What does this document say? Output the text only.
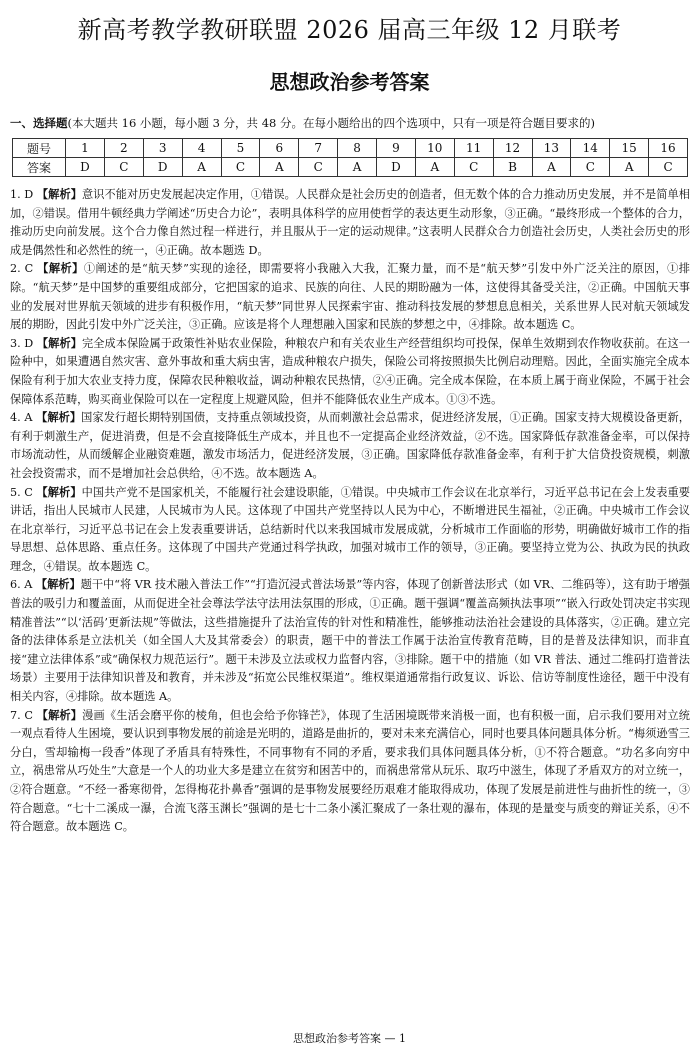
新高考教学教研联盟 2026 届高三年级 12 月联考
思想政治参考答案
一、选择题(本大题共 16 小题，每小题 3 分，共 48 分。在每小题给出的四个选项中，只有一项是符合题目要求的)
题号	1	2	3	4	5	6	7	8	9	10	11	12	13	14	15	16
答案	D	C	D	A	C	A	C	A	D	A	C	B	A	C	A	C

1. D 【解析】意识不能对历史发展起决定作用，①错误。人民群众是社会历史的创造者，但无数个体的合力推动历史发展，并不是简单相加，②错误。借用牛顿经典力学阐述“历史合力论”，表明具体科学的应用使哲学的表达更生动形象，③正确。“最终形成一个整体的合力，推动历史向前发展。这个合力像自然过程一样进行，并且服从于一定的运动规律。”这表明人民群众合力创造社会历史，人类社会历史的形成是偶然性和必然性的统一，④正确。故本题选 D。

2. C 【解析】①阐述的是“航天梦”实现的途径，即需要将小我融入大我，汇聚力量，而不是“航天梦”引发中外广泛关注的原因，①排除。“航天梦”是中国梦的重要组成部分，它把国家的追求、民族的向往、人民的期盼融为一体，这使得其备受关注，②正确。中国航天事业的发展对世界航天领域的进步有积极作用，“航天梦”同世界人民探索宇宙、推动科技发展的梦想息息相关，关系世界人民对航天领域发展的期盼，因此引发中外广泛关注，③正确。应该是将个人理想融入国家和民族的梦想之中，④排除。故本题选 C。

3. D 【解析】完全成本保险属于政策性补贴农业保险，种粮农户和有关农业生产经营组织均可投保，保单生效期到农作物收获前。在这一险种中，如果遭遇自然灾害、意外事故和重大病虫害，造成种粮农户损失，保险公司将按照损失比例启动理赔。因此，全面实施完全成本保险有利于加大农业支持力度，保障农民种粮收益，调动种粮农民热情，②④正确。完全成本保险，在本质上属于商业保险，不属于社会保障体系范畴，购买商业保险可以在一定程度上规避风险，但并不能降低农业生产成本。①③不选。

4. A 【解析】国家发行超长期特别国债，支持重点领域投资，从而刺激社会总需求，促进经济发展，①正确。国家支持大规模设备更新，有利于刺激生产，促进消费，但是不会直接降低生产成本，并且也不一定提高企业经济效益，②不选。国家降低存款准备金率，可以保持市场流动性，从而缓解企业融资难题，激发市场活力，促进经济发展，③正确。国家降低存款准备金率，有利于扩大信贷投资规模，刺激社会投资需求，而不是增加社会总供给，④不选。故本题选 A。

5. C 【解析】中国共产党不是国家机关，不能履行社会建设职能，①错误。中央城市工作会议在北京举行，习近平总书记在会上发表重要讲话，指出人民城市人民建，人民城市为人民。这体现了中国共产党坚持以人民为中心，不断增进民生福祉，②正确。中央城市工作会议在北京举行，习近平总书记在会上发表重要讲话，总结新时代以来我国城市发展成就，分析城市工作面临的形势，明确做好城市工作的指导思想、总体思路、重点任务。这体现了中国共产党通过科学执政，加强对城市工作的领导，③正确。要坚持立党为公、执政为民的执政理念，④错误。故本题选 C。

6. A 【解析】题干中“将 VR 技术融入普法工作”“打造沉浸式普法场景”等内容，体现了创新普法形式（如 VR、二维码等），这有助于增强普法的吸引力和覆盖面，从而促进全社会尊法学法守法用法氛围的形成，①正确。题干强调“覆盖高频执法事项”“嵌入行政处罚决定书实现精准普法”“以‘活码’更新法规”等做法，这些措施提升了法治宣传的针对性和精准性，能够推动法治社会建设的具体落实，②正确。建立完备的法律体系是立法机关（如全国人大及其常委会）的职责，题干中的普法工作属于法治宣传教育范畴，目的是普及法律知识，而非直接“建立法律体系”或“确保权力规范运行”。题干未涉及立法或权力监督内容，③排除。题干中的措施（如 VR 普法、通过二维码打造普法场景）主要用于法律知识普及和教育，并未涉及“拓宽公民维权渠道”。维权渠道通常指行政复议、诉讼、信访等制度性途径，题干中没有相关内容，④排除。故本题选 A。

7. C 【解析】漫画《生活会磨平你的棱角，但也会给予你锋芒》，体现了生活困境既带来消极一面，也有积极一面，启示我们要用对立统一观点看待人生困境，要认识到事物发展的前途是光明的，道路是曲折的，要对未来充满信心，同时也要具体问题具体分析。“梅须逊雪三分白，雪却输梅一段香”体现了矛盾具有特殊性，不同事物有不同的矛盾，要求我们具体问题具体分析，①不符合题意。“功名多向穷中立，祸患常从巧处生”大意是一个人的功业大多是建立在贫穷和困苦中的，而祸患常常从玩乐、取巧中滋生，体现了矛盾双方的对立统一，②符合题意。“不经一番寒彻骨，怎得梅花扑鼻香”强调的是事物发展要经历艰难才能取得成功，体现了发展是前进性与曲折性的统一，③符合题意。“七十二溪成一瀑，合流飞落玉渊长”强调的是七十二条小溪汇聚成了一条壮观的瀑布，体现的是量变与质变的辩证关系，④不符合题意。故本题选 C。

思想政治参考答案 — 1
